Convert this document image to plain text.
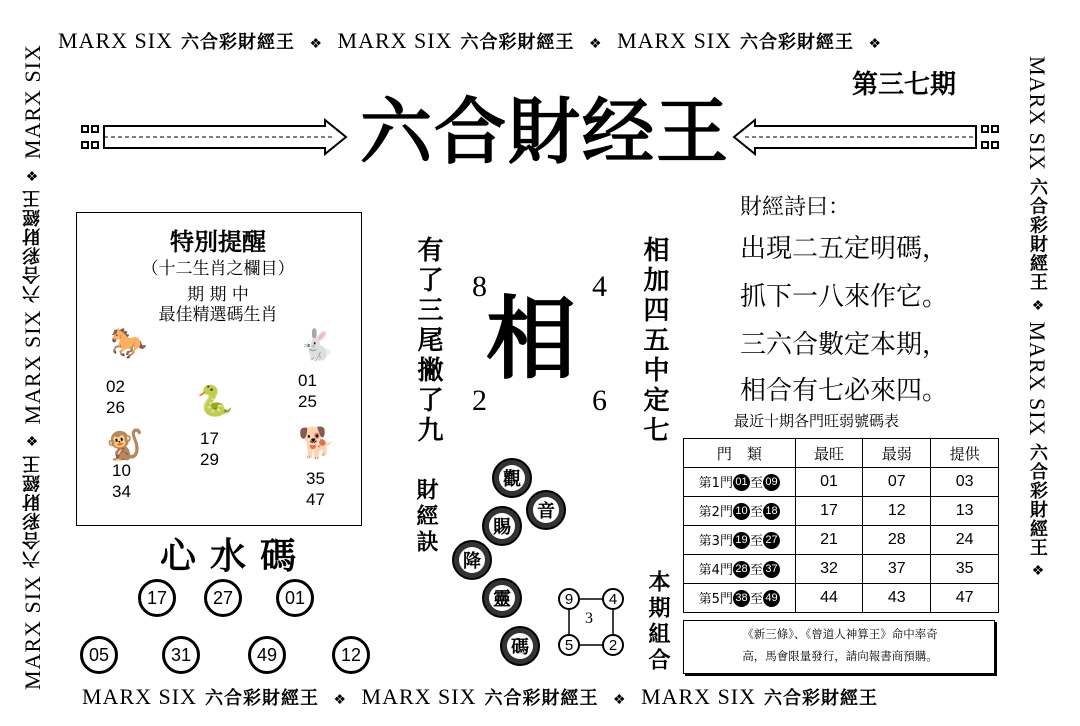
MARX SIX 六合彩財經王 ❖ MARX SIX 六合彩財經王 ❖ MARX SIX 六合彩財經王 ❖
MARX SIX 六合彩財經王 ❖ MARX SIX 六合彩財經王 ❖ MARX SIX 六合彩財經王
MARX SIX 六合彩財經王 ❖ MARX SIX 六合彩財經王 ❖ MARX SIX	MARX SIX 六合彩財經王 ❖ MARX SIX 六合彩財經王 ❖
第三七期
六合財经王
特別提醒
（十二生肖之欄目）
期 期 中
最佳精選碼生肖
🐎	🐇
🐍
🐒	🐕
02
26
17
29
01
25
10
34
35
47
心水碼
17	27	01
05	31	49	12
有了三尾撇了九	相加四五中定七
8	4
2	6
相
財經訣	觀
音
賜
降
靈
碼
9	4
3
5	2	本期組合
財經詩曰：
出現二五定明碼，
抓下一八來作它。
三六合數定本期，
相合有七必來四。
最近十期各門旺弱號碼表
門　類	最旺	最弱	提供
第1門 01 至 09	01	07	03
第2門 10 至 18	17	12	13
第3門 19 至 27	21	28	24
第4門 28 至 37	32	37	35
第5門 38 至 49	44	43	47
《新三條》、《曾道人神算王》命中率奇
高，馬會限量發行，請向報書商預購。
